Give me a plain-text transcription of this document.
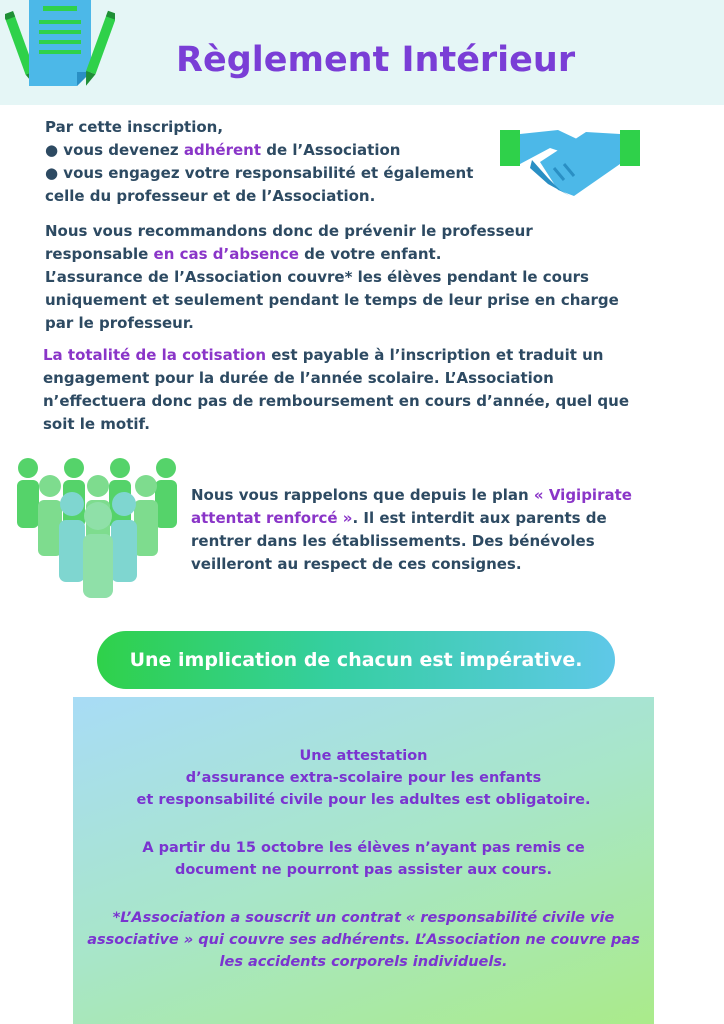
Règlement Intérieur

Par cette inscription,
● vous devenez adhérent de l’Association
● vous engagez votre responsabilité et également
celle du professeur et de l’Association.

Nous vous recommandons donc de prévenir le professeur
responsable en cas d’absence de votre enfant.
L’assurance de l’Association couvre* les élèves pendant le cours
uniquement et seulement pendant le temps de leur prise en charge
par le professeur.

La totalité de la cotisation est payable à l’inscription et traduit un
engagement pour la durée de l’année scolaire. L’Association
n’effectuera donc pas de remboursement en cours d’année, quel que
soit le motif.

Nous vous rappelons que depuis le plan « Vigipirate
attentat renforcé ». Il est interdit aux parents de
rentrer dans les établissements. Des bénévoles
veilleront au respect de ces consignes.

Une implication de chacun est impérative.

Une attestation
d’assurance extra-scolaire pour les enfants
et responsabilité civile pour les adultes est obligatoire.

A partir du 15 octobre les élèves n’ayant pas remis ce
document ne pourront pas assister aux cours.

*L’Association a souscrit un contrat « responsabilité civile vie
associative » qui couvre ses adhérents. L’Association ne couvre pas
les accidents corporels individuels.
